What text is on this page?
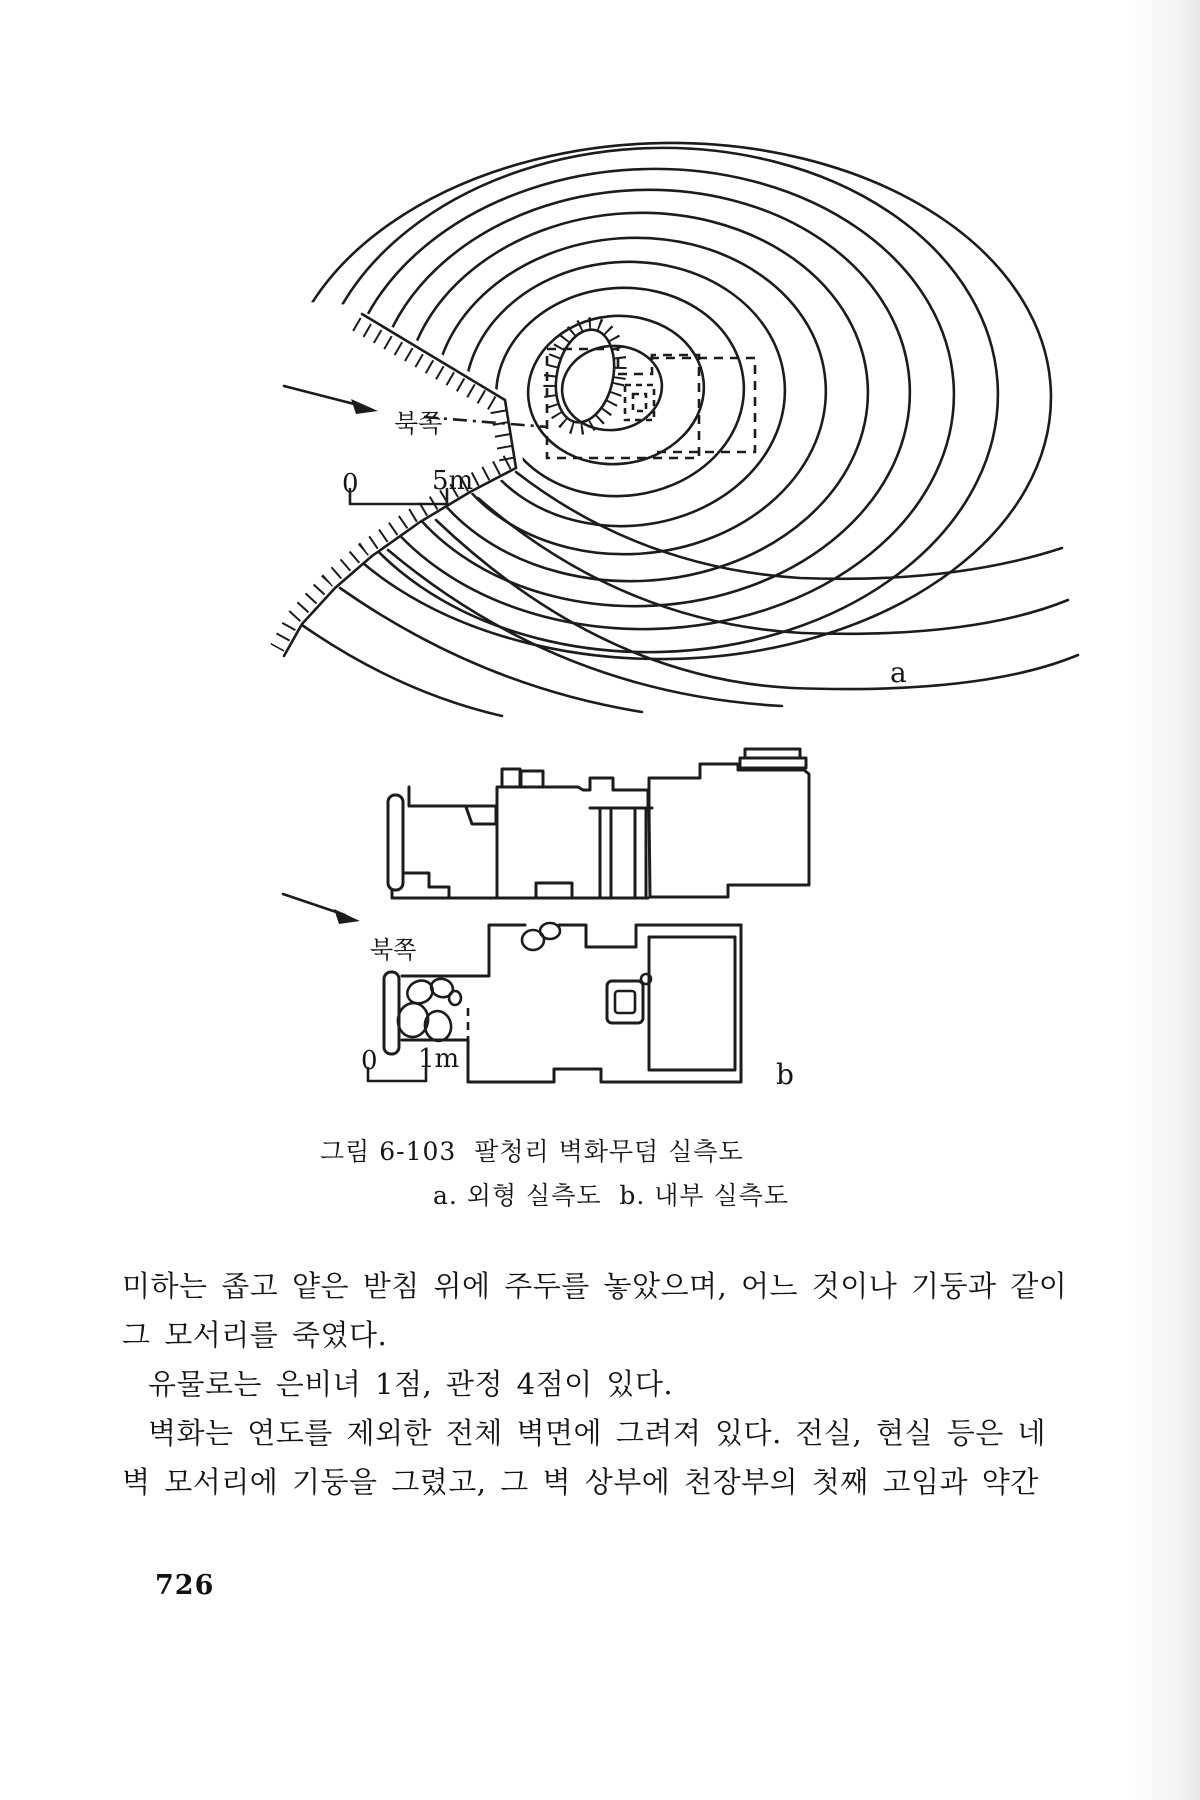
북쪽
0	5m
a
북쪽
0 1m	b
그림 6-103  팔청리 벽화무덤 실측도
a. 외형 실측도  b. 내부 실측도
미하는 좁고 얕은 받침 위에 주두를 놓았으며, 어느 것이나 기둥과 같이
그 모서리를 죽였다.
유물로는 은비녀 1점, 관정 4점이 있다.
벽화는 연도를 제외한 전체 벽면에 그려져 있다. 전실, 현실 등은 네
벽 모서리에 기둥을 그렸고, 그 벽 상부에 천장부의 첫째 고임과 약간
726
